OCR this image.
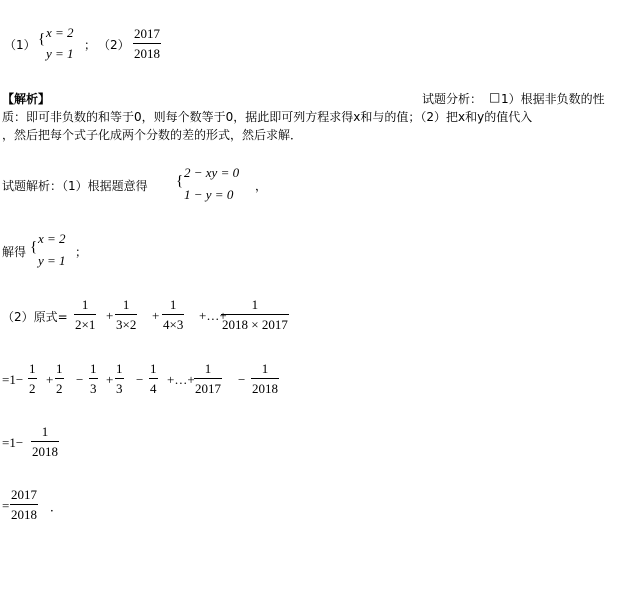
（1） { x = 2
y = 1
； （2）
2017
2018
【解析】	试题分析： □ 1）根据非负数的性
质：即可非负数的和等于0，则每个数等于0，据此即可列方程求得x和与的值；（2）把x和y的值代入
，然后把每个式子化成两个分数的差的形式，然后求解．
试题解析：（1）根据题意得 {
2 − xy = 0
1 − y = 0
，
解得 {
x = 2
y = 1
；
（2）原式=
1
2×1
+
1
3×2
+
1
4×3
+…+
1
2018 × 2017
=1−
1
2
+
1
2
−
1
3
+
1
3
−
1
4
+…+
1
2017
−
1
2018
=1−
1
2018
=
2017
2018 ．
